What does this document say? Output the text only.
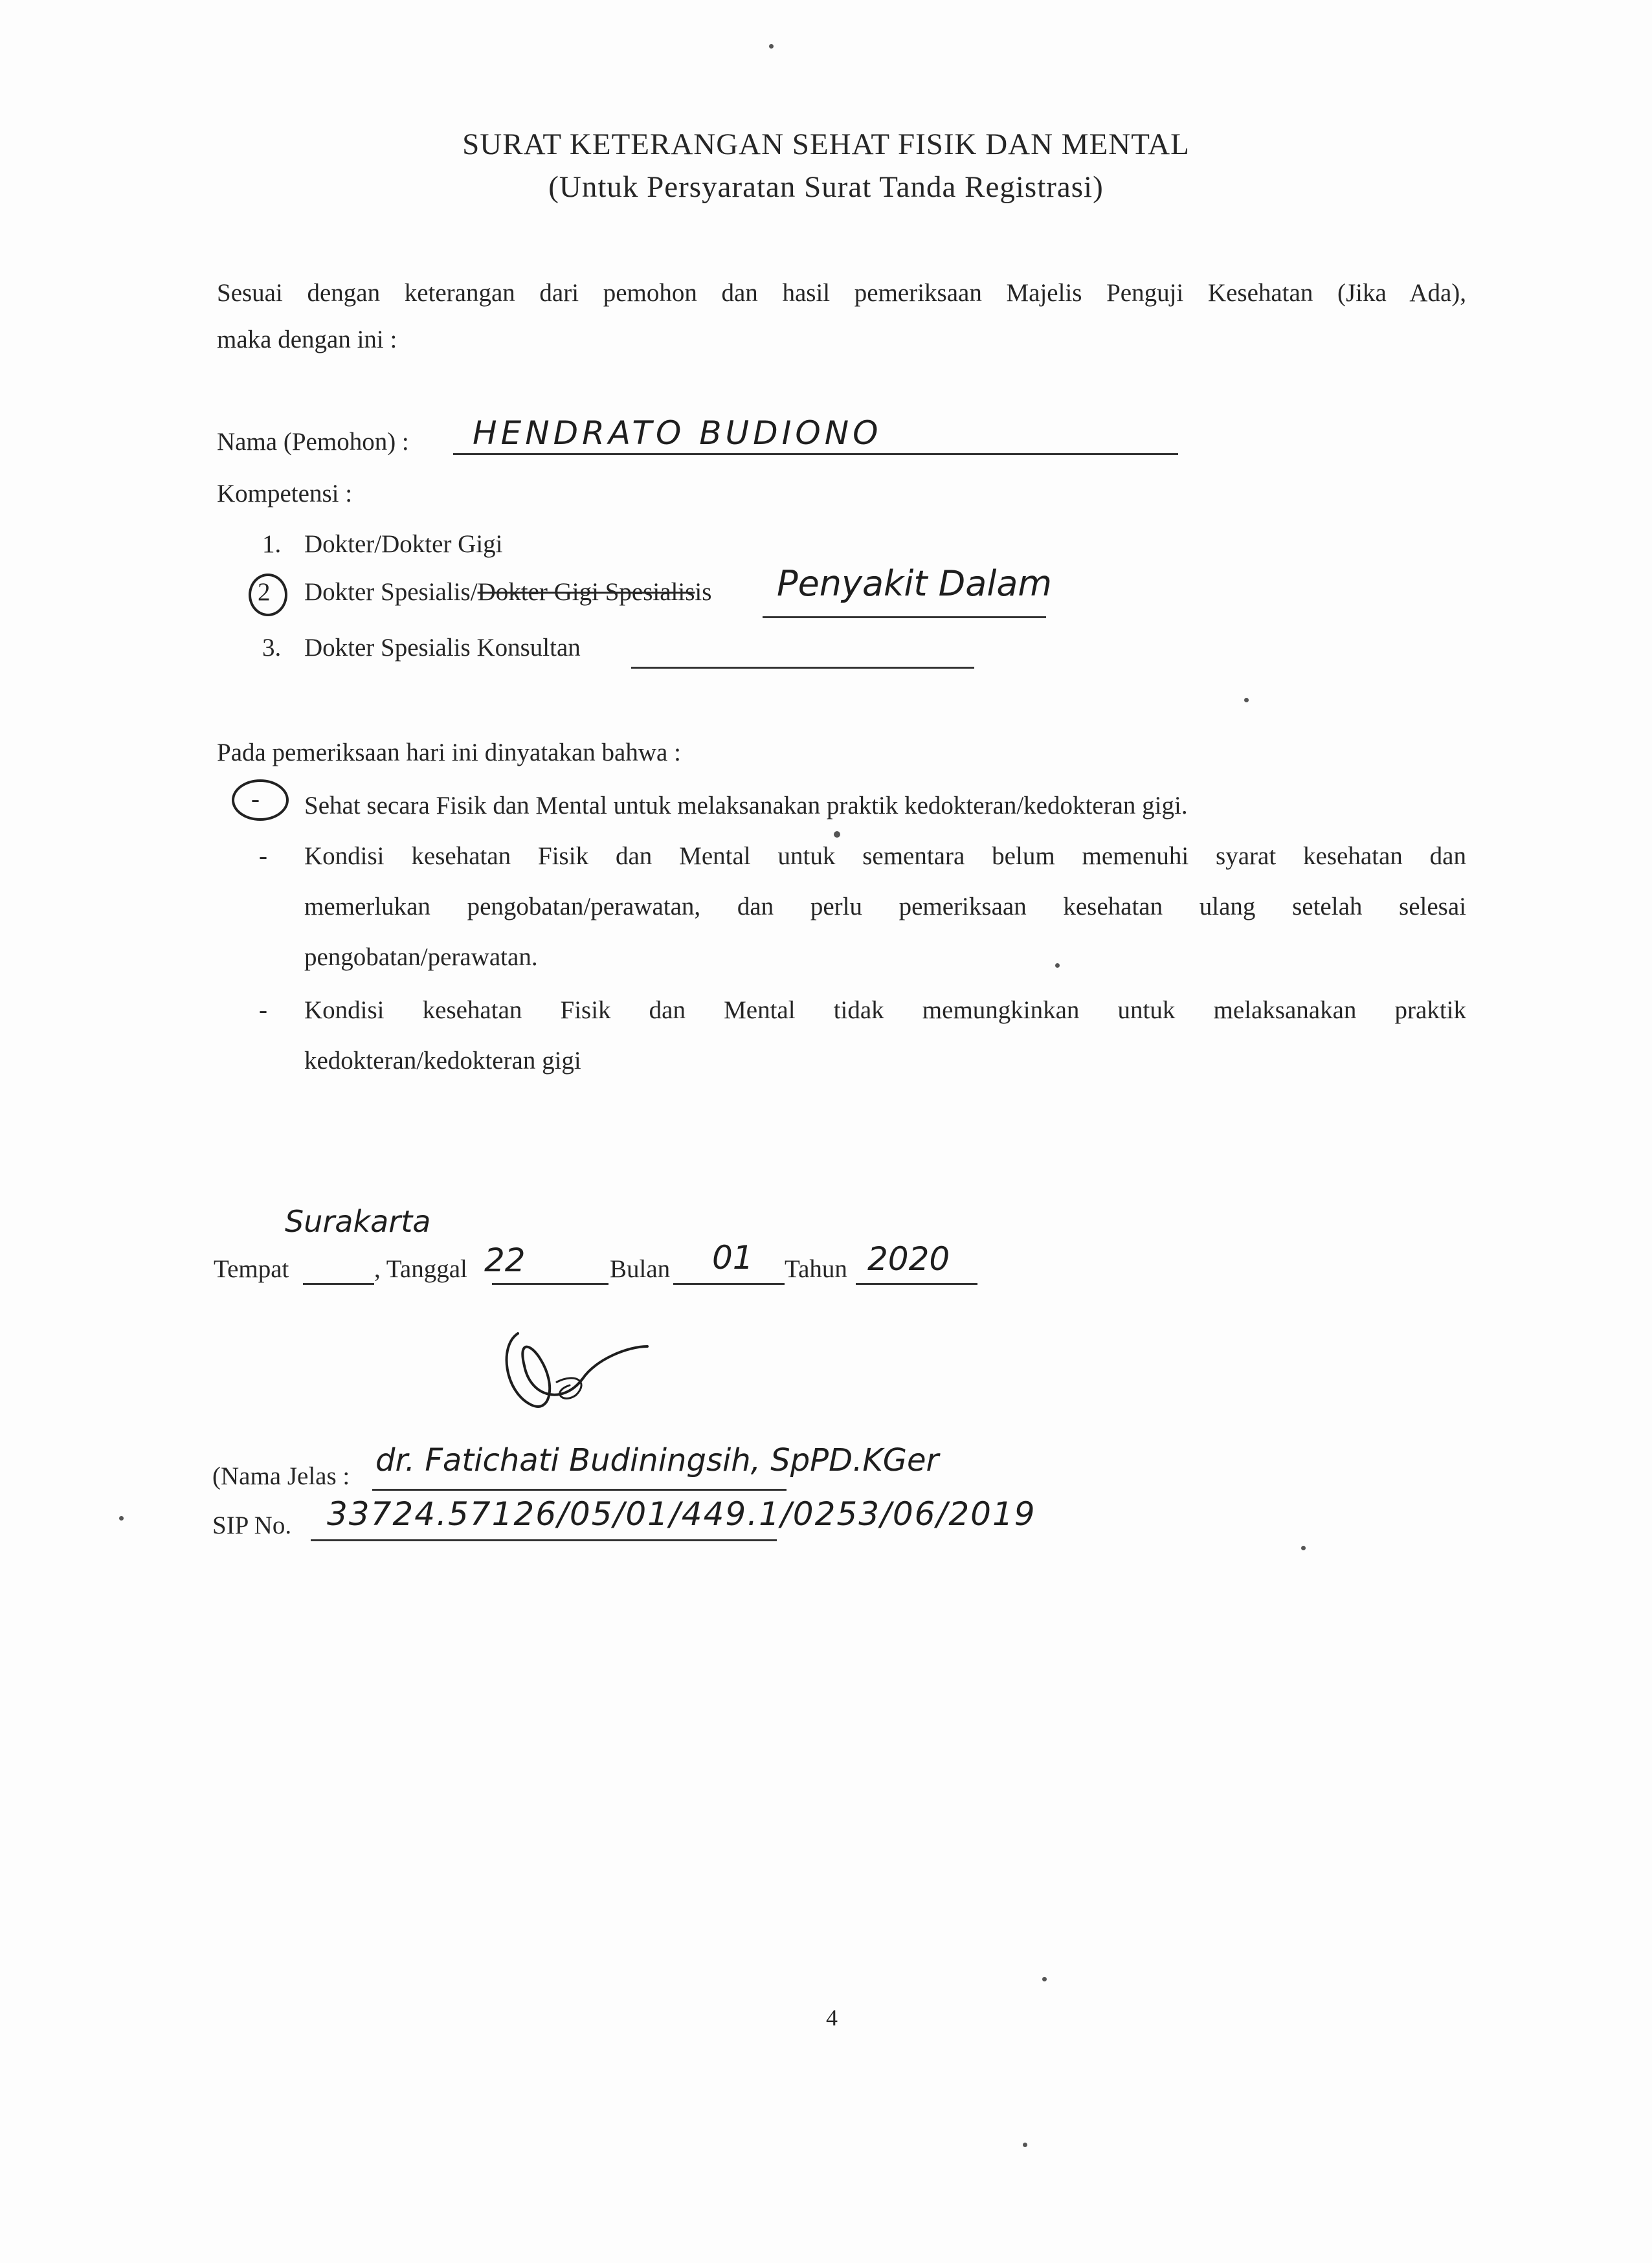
SURAT KETERANGAN SEHAT FISIK DAN MENTAL
(Untuk Persyaratan Surat Tanda Registrasi)
Sesuai dengan keterangan dari pemohon dan hasil pemeriksaan Majelis Penguji Kesehatan (Jika Ada),
maka dengan ini :
Nama (Pemohon) : HENDRATO BUDIONO
Kompetensi :
1. Dokter/Dokter Gigi
2 Dokter Spesialis/Dokter Gigi Spesialisis Penyakit Dalam
3. Dokter Spesialis Konsultan
Pada pemeriksaan hari ini dinyatakan bahwa :
- Sehat secara Fisik dan Mental untuk melaksanakan praktik kedokteran/kedokteran gigi.
- Kondisi kesehatan Fisik dan Mental untuk sementara belum memenuhi syarat kesehatan dan
memerlukan pengobatan/perawatan, dan perlu pemeriksaan kesehatan ulang setelah selesai
pengobatan/perawatan.
- Kondisi kesehatan Fisik dan Mental tidak memungkinkan untuk melaksanakan praktik
kedokteran/kedokteran gigi
Tempat
Surakarta
, Tanggal 22	Bulan 01 Tahun 2020
(Nama Jelas : dr. Fatichati Budiningsih, SpPD.KGer
SIP No. 33724.57126/05/01/449.1/0253/06/2019
4
